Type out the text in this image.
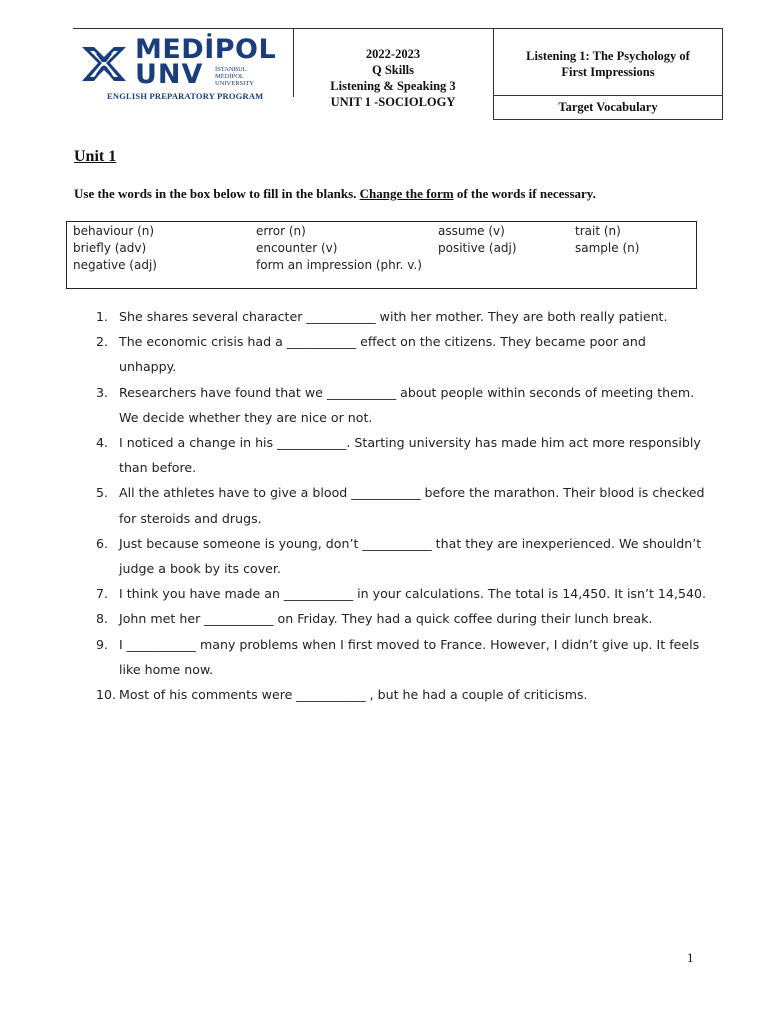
MEDİPOL
UNV İSTANBUL
MEDİPOL
UNIVERSITY
ENGLISH PREPARATORY PROGRAM
2022-2023
Q Skills
Listening & Speaking 3
UNIT 1 -SOCIOLOGY
Listening 1: The Psychology of
First Impressions
Target Vocabulary
Unit 1
Use the words in the box below to fill in the blanks. Change the form of the words if necessary.
behaviour (n)	error (n)	assume (v)	trait (n)
briefly (adv)	encounter (v)	positive (adj)	sample (n)
negative (adj)	form an impression (phr. v.)
1. She shares several character ___________ with her mother. They are both really patient.
2. The economic crisis had a ___________ effect on the citizens. They became poor and unhappy.
3. Researchers have found that we ___________ about people within seconds of meeting them. We decide whether they are nice or not.
4. I noticed a change in his ___________. Starting university has made him act more responsibly than before.
5. All the athletes have to give a blood ___________ before the marathon. Their blood is checked for steroids and drugs.
6. Just because someone is young, don’t ___________ that they are inexperienced. We shouldn’t judge a book by its cover.
7. I think you have made an ___________ in your calculations. The total is 14,450. It isn’t 14,540.
8. John met her ___________ on Friday. They had a quick coffee during their lunch break.
9. I ___________ many problems when I first moved to France. However, I didn’t give up. It feels like home now.
10. Most of his comments were ___________ , but he had a couple of criticisms.
1
